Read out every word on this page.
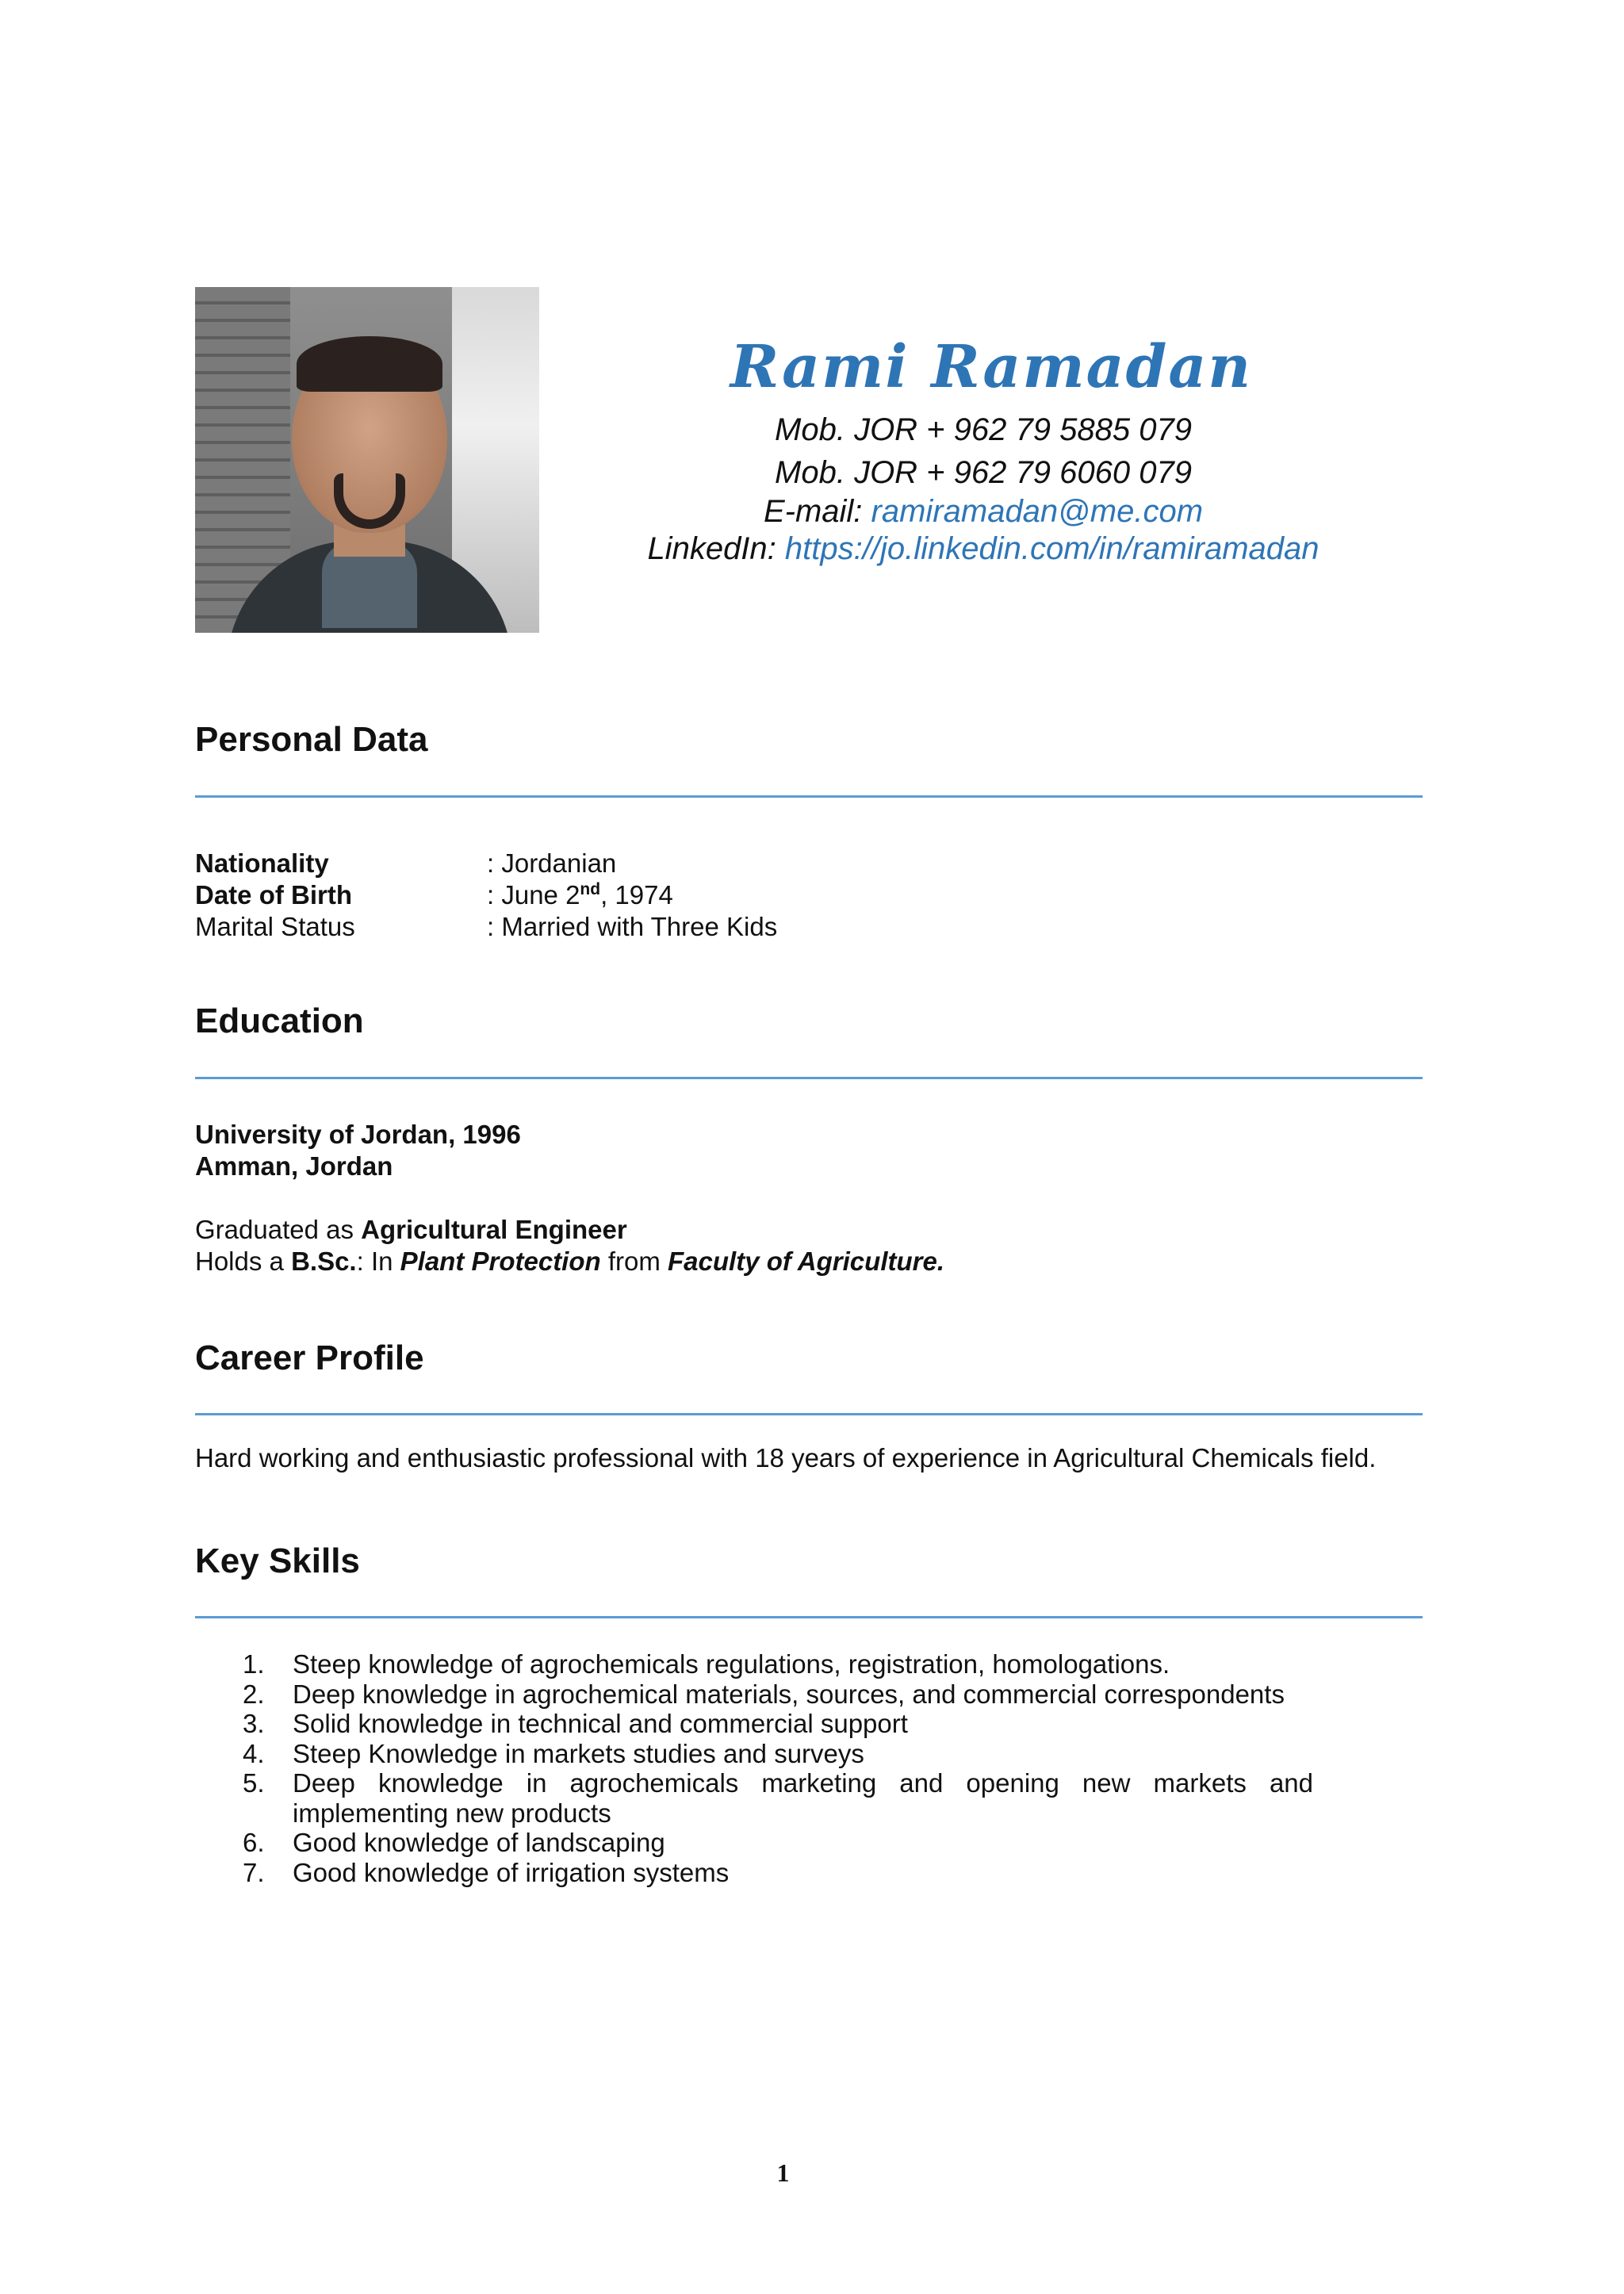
Rami Ramadan
Mob. JOR + 962 79 5885 079
Mob. JOR + 962 79 6060 079
E-mail: ramiramadan@me.com
LinkedIn: https://jo.linkedin.com/in/ramiramadan
Personal Data
Nationality	: Jordanian
Date of Birth	: June 2nd, 1974
Marital Status	: Married with Three Kids
Education
University of Jordan, 1996
Amman, Jordan
Graduated as Agricultural Engineer
Holds a B.Sc.: In Plant Protection from Faculty of Agriculture.
Career Profile
Hard working and enthusiastic professional with 18 years of experience in Agricultural Chemicals field.
Key Skills
1. Steep knowledge of agrochemicals regulations, registration, homologations.
2. Deep knowledge in agrochemical materials, sources, and commercial correspondents
3. Solid knowledge in technical and commercial support
4. Steep Knowledge in markets studies and surveys
5. Deep knowledge in agrochemicals marketing and opening new markets and implementing new products
6. Good knowledge of landscaping
7. Good knowledge of irrigation systems
1
